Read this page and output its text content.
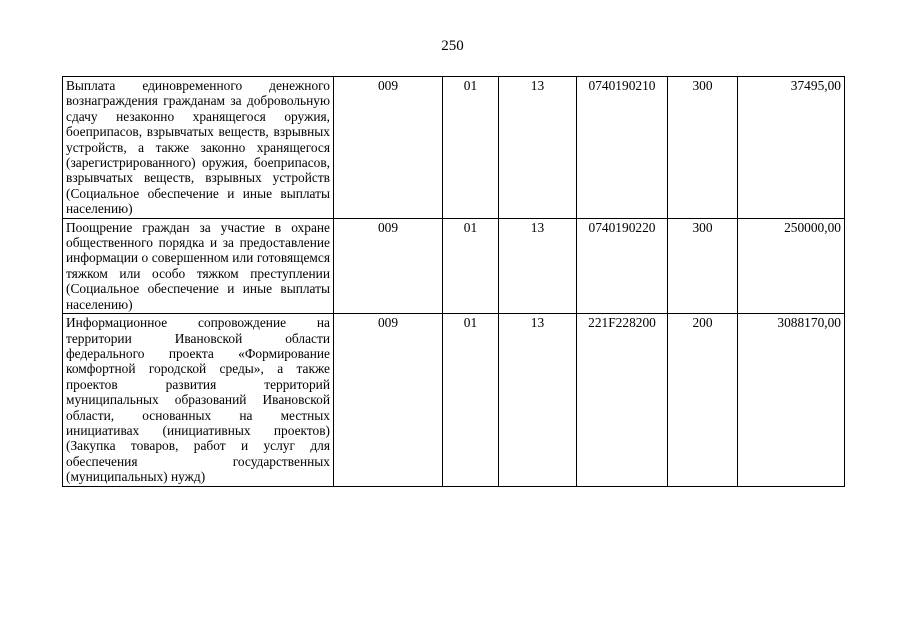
250
Выплата единовременного денежного вознаграждения гражданам за добровольную сдачу незаконно хранящегося оружия, боеприпасов, взрывчатых веществ, взрывных устройств, а также законно хранящегося (зарегистрированного) оружия, боеприпасов, взрывчатых веществ, взрывных устройств (Социальное обеспечение и иные выплаты населению)	009	01	13	0740190210	300	37495,00
Поощрение граждан за участие в охране общественного порядка и за предоставление информации о совершенном или готовящемся тяжком или особо тяжком преступлении (Социальное обеспечение и иные выплаты населению)	009	01	13	0740190220	300	250000,00
Информационное сопровождение на территории Ивановской области федерального проекта «Формирование комфортной городской среды», а также проектов развития территорий муниципальных образований Ивановской области, основанных на местных инициативах (инициативных проектов) (Закупка товаров, работ и услуг для обеспечения государственных (муниципальных) нужд)	009	01	13	221F228200	200	3088170,00
